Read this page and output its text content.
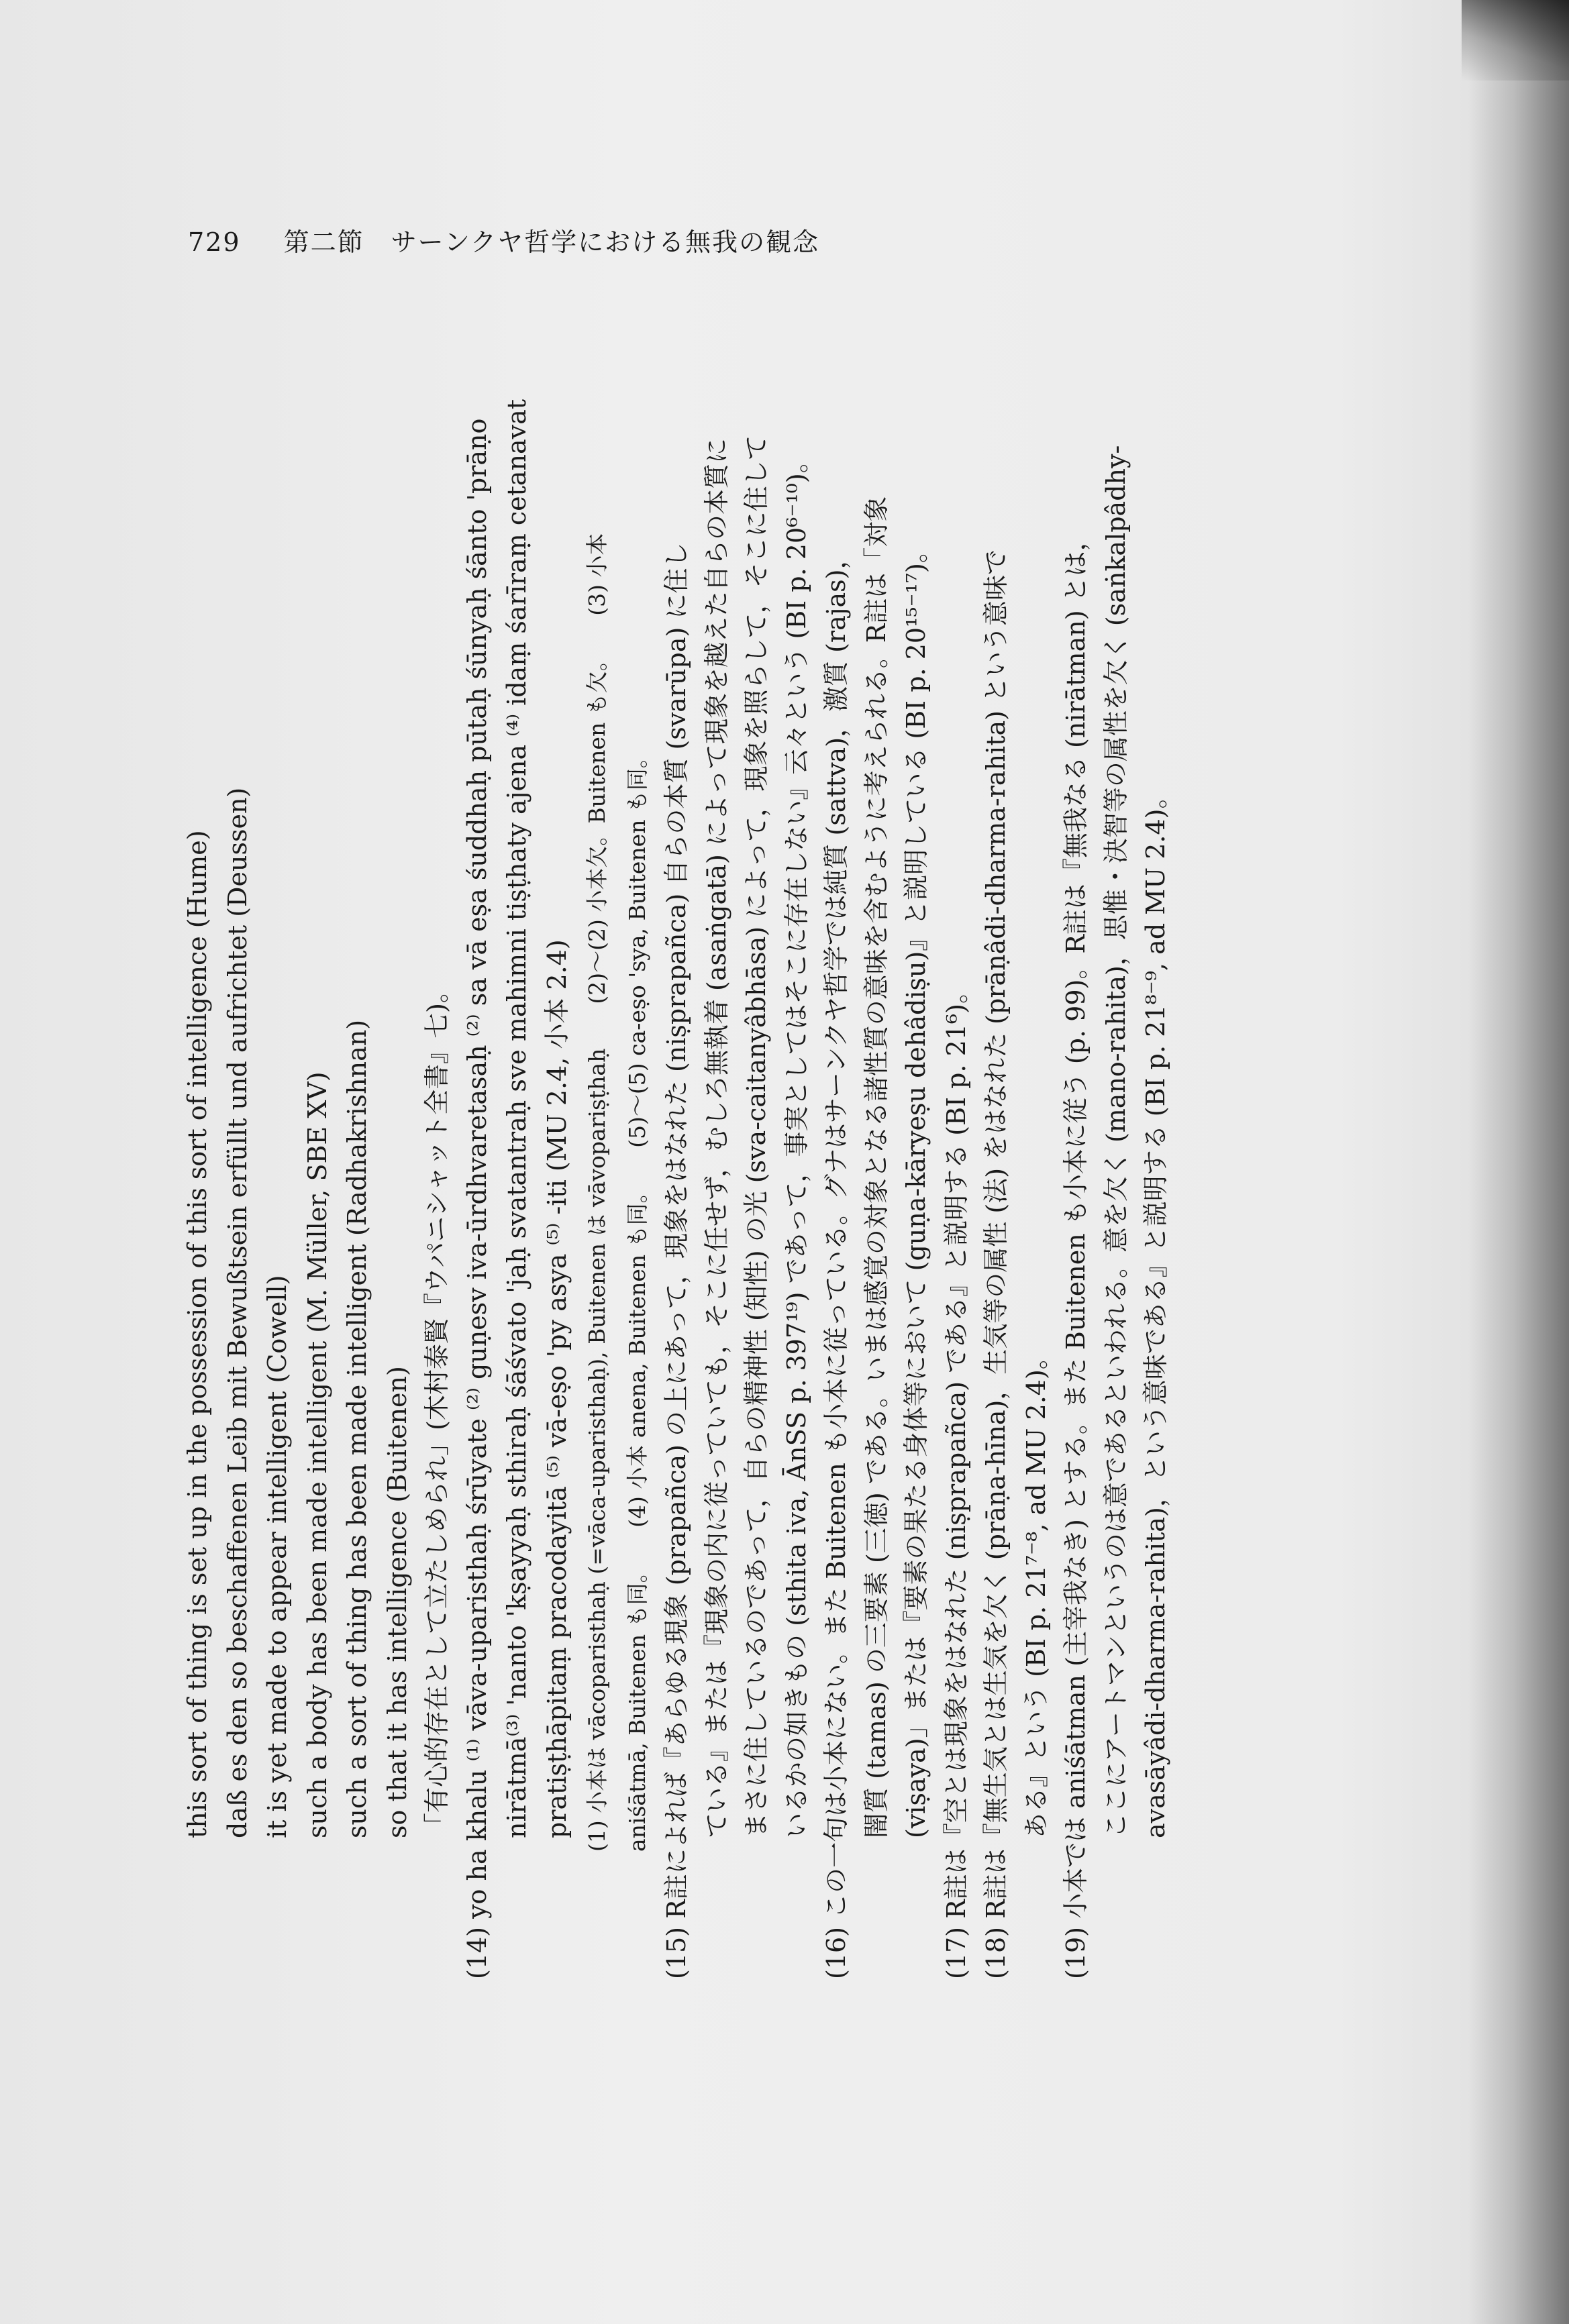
729 第二節　サーンクヤ哲学における無我の観念
this sort of thing is set up in the possession of this sort of intelligence (Hume) daß es den so beschaffenen Leib mit Bewußtsein erfüllt und aufrichtet (Deussen) it is yet made to appear intelligent (Cowell) such a body has been made intelligent (M. Müller, SBE XV) such a sort of thing has been made intelligent (Radhakrishnan) so that it has intelligence (Buitenen) 「有心的存在として立たしめられ」(木村泰賢『ウパニシャット全書』七)。 (14) yo ha khalu ⁽¹⁾ vāva-uparisthaḥ śrūyate ⁽²⁾ guṇesv iva-ūrdhvaretasaḥ ⁽²⁾ sa vā eṣa śuddhaḥ pūtaḥ śūnyaḥ śānto 'prāṇo nirātmā⁽³⁾ 'nanto 'kṣayyaḥ sthiraḥ śāśvato 'jaḥ svatantraḥ sve mahimni tiṣṭhaty ajena ⁽⁴⁾ idaṃ śarīraṃ cetanavat pratiṣṭhāpitaṃ pracodayitā ⁽⁵⁾ vā-eṣo 'py asya ⁽⁵⁾ -iti (MU 2.4, 小本 2.4) (1) 小本は vācoparisthaḥ (=vāca-uparisthaḥ), Buitenen は vāvopariṣṭhaḥ　　(2)〜(2) 小本欠。Buitenen も欠。　　(3) 小本 aniśātmā, Buitenen も同。　　(4) 小本 anena, Buitenen も同。　　(5)〜(5) ca-eṣo 'sya, Buitenen も同。 (15) R註によれば『あらゆる現象 (prapañca) の上にあって，現象をはなれた (niṣprapañca) 自らの本質 (svarūpa) に住し ている』または『現象の内に従っていても，そこに任せず，むしろ無執着 (asaṅgatā) によって現象を越えた自らの本質に まさに住しているのであって，自らの精神性 (知性) の光 (sva-caitanyâbhāsa) によって，現象を照らして，そこに住して いるかの如きもの (sthita iva, ĀnSS p. 397¹⁹) であって，事実としてはそこに存在しない』云々という (BI p. 20⁶⁻¹⁰)。 (16) この一句は小本にない。また Buitenen も小本に従っている。グナはサーンクヤ哲学では純質 (sattva)，激質 (rajas)， 闇質 (tamas) の三要素 (三徳) である。いまは感覚の対象となる諸性質の意味を含むように考えられる。R註は「対象 (viṣaya)」または『要素の果たる身体等において (guṇa-kāryeṣu dehâdiṣu)』と説明している (BI p. 20¹⁵⁻¹⁷)。 (17) R註は『空とは現象をはなれた (niṣprapañca) である』と説明する (BI p. 21⁶)。 (18) R註は『無生気とは生気を欠く (prāṇa-hīna)，生気等の属性 (法) をはなれた (prāṇâdi-dharma-rahita) という意味で ある』という (BI p. 21⁷⁻⁸, ad MU 2.4)。 (19) 小本では aniśātman (主宰我なき) とする。また Buitenen も小本に従う (p. 99)。R註は『無我なる (nirātman) とは， ここにアートマンというのは意であるといわれる。意を欠く (mano-rahita)，思惟・決智等の属性を欠く (saṅkalpâdhy- avasāyâdi-dharma-rahita)，という意味である』と説明する (BI p. 21⁸⁻⁹, ad MU 2.4)。
